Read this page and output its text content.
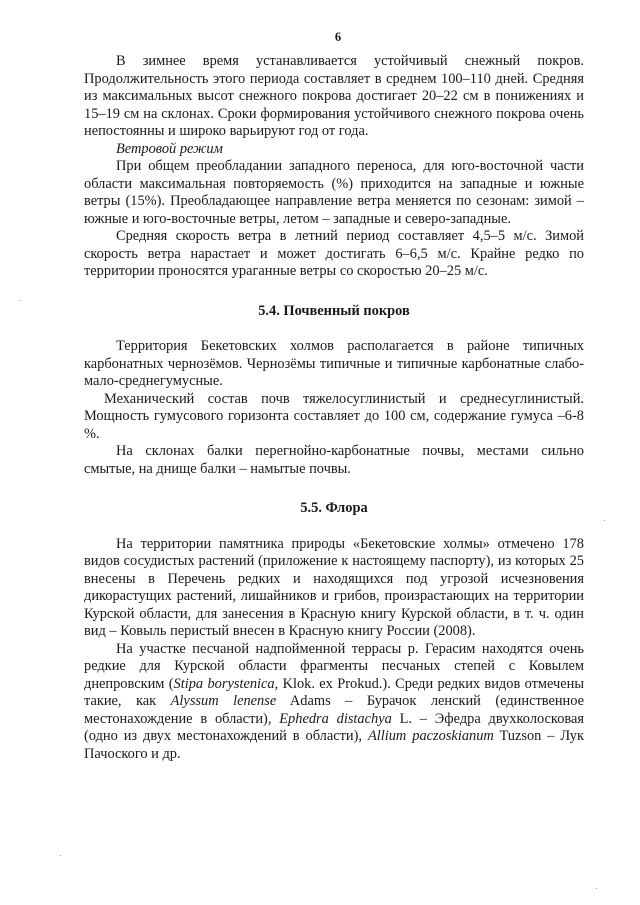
6

В зимнее время устанавливается устойчивый снежный покров. Продолжительность этого периода составляет в среднем 100–110 дней. Средняя из максимальных высот снежного покрова достигает 20–22 см в понижениях и 15–19 см на склонах. Сроки формирования устойчивого снежного покрова очень непостоянны и широко варьируют год от года.

Ветровой режим

При общем преобладании западного переноса, для юго-восточной части области максимальная повторяемость (%) приходится на западные и южные ветры (15%). Преобладающее направление ветра меняется по сезонам: зимой – южные и юго-восточные ветры, летом – западные и северо-западные.

Средняя скорость ветра в летний период составляет 4,5–5 м/с. Зимой скорость ветра нарастает и может достигать 6–6,5 м/с. Крайне редко по территории проносятся ураганные ветры со скоростью 20–25 м/с.

5.4. Почвенный покров

Территория Бекетовских холмов располагается в районе типичных карбонатных чернозёмов. Чернозёмы типичные и типичные карбонатные слабо-мало-среднегумусные.

Механический состав почв тяжелосуглинистый и среднесуглинистый. Мощность гумусового горизонта составляет до 100 см, содержание гумуса –6-8 %.

На склонах балки перегнойно-карбонатные почвы, местами сильно смытые, на днище балки – намытые почвы.

5.5. Флора

На территории памятника природы «Бекетовские холмы» отмечено 178 видов сосудистых растений (приложение к настоящему паспорту), из которых 25 внесены в Перечень редких и находящихся под угрозой исчезновения дикорастущих растений, лишайников и грибов, произрастающих на территории Курской области, для занесения в Красную книгу Курской области, в т. ч. один вид – Ковыль перистый внесен в Красную книгу России (2008).

На участке песчаной надпойменной террасы р. Герасим находятся очень редкие для Курской области фрагменты песчаных степей с Ковылем днепровским (Stipa borystenica, Klok. ex Prokud.). Среди редких видов отмечены такие, как Alyssum lenense Adams – Бурачок ленский (единственное местонахождение в области), Ephedra distachya L. – Эфедра двухколосковая (одно из двух местонахождений в области), Allium paczoskianum Tuzson – Лук Пачоского и др.
